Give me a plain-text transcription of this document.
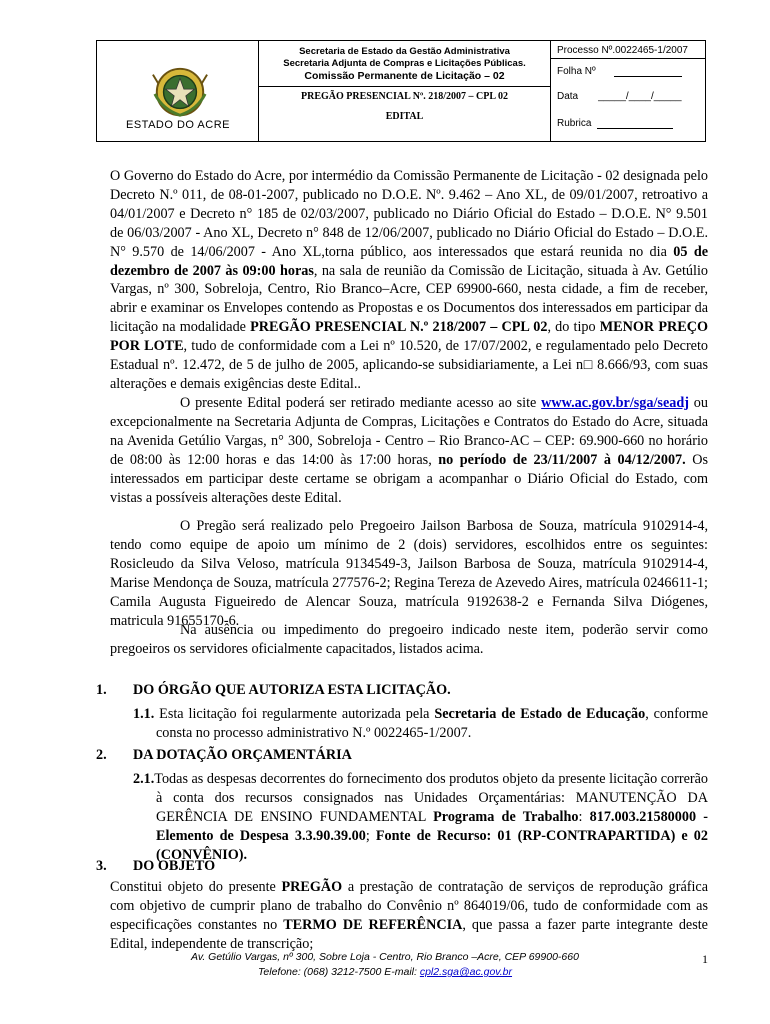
ESTADO DO ACRE
Secretaria de Estado da Gestão Administrativa
Secretaria Adjunta de Compras e Licitações Públicas.
Comissão Permanente de Licitação – 02
PREGÃO PRESENCIAL Nº. 218/2007 – CPL 02
EDITAL
Processo Nº.0022465-1/2007
Folha Nº
Data _____/____/_____
Rubrica

O Governo do Estado do Acre, por intermédio da Comissão Permanente de Licitação - 02 designada pelo Decreto N.º 011, de 08-01-2007, publicado no D.O.E. Nº. 9.462 – Ano XL, de 09/01/2007, retroativo a 04/01/2007 e Decreto n° 185 de 02/03/2007, publicado no Diário Oficial do Estado – D.O.E. N° 9.501 de 06/03/2007 - Ano XL, Decreto n° 848 de 12/06/2007, publicado no Diário Oficial do Estado – D.O.E. N° 9.570 de 14/06/2007 - Ano XL,torna público, aos interessados que estará reunida no dia 05 de dezembro de 2007 às 09:00 horas, na sala de reunião da Comissão de Licitação, situada à Av. Getúlio Vargas, nº 300, Sobreloja, Centro, Rio Branco–Acre, CEP 69900-660, nesta cidade, a fim de receber, abrir e examinar os Envelopes contendo as Propostas e os Documentos dos interessados em participar da licitação na modalidade PREGÃO PRESENCIAL N.º 218/2007 – CPL 02, do tipo MENOR PREÇO POR LOTE, tudo de conformidade com a Lei nº 10.520, de 17/07/2002, e regulamentado pelo Decreto Estadual nº. 12.472, de 5 de julho de 2005, aplicando-se subsidiariamente, a Lei n□ 8.666/93, com suas alterações e demais exigências deste Edital..

O presente Edital poderá ser retirado mediante acesso ao site www.ac.gov.br/sga/seadj ou excepcionalmente na Secretaria Adjunta de Compras, Licitações e Contratos do Estado do Acre, situada na Avenida Getúlio Vargas, n° 300, Sobreloja - Centro – Rio Branco-AC – CEP: 69.900-660 no horário de 08:00 às 12:00 horas e das 14:00 às 17:00 horas, no período de 23/11/2007 à 04/12/2007. Os interessados em participar deste certame se obrigam a acompanhar o Diário Oficial do Estado, com vistas a possíveis alterações deste Edital.

O Pregão será realizado pelo Pregoeiro Jailson Barbosa de Souza, matrícula 9102914-4, tendo como equipe de apoio um mínimo de 2 (dois) servidores, escolhidos entre os seguintes: Rosicleudo da Silva Veloso, matrícula 9134549-3, Jailson Barbosa de Souza, matrícula 9102914-4, Marise Mendonça de Souza, matrícula 277576-2; Regina Tereza de Azevedo Aires, matrícula 0246611-1; Camila Augusta Figueiredo de Alencar Souza, matrícula 9192638-2 e Fernanda Silva Diógenes, matricula 91655170-6.

Na ausência ou impedimento do pregoeiro indicado neste item, poderão servir como pregoeiros os servidores oficialmente capacitados, listados acima.

1. DO ÓRGÃO QUE AUTORIZA ESTA LICITAÇÃO.

1.1. Esta licitação foi regularmente autorizada pela Secretaria de Estado de Educação, conforme consta no processo administrativo N.º 0022465-1/2007.

2. DA DOTAÇÃO ORÇAMENTÁRIA

2.1.Todas as despesas decorrentes do fornecimento dos produtos objeto da presente licitação correrão à conta dos recursos consignados nas Unidades Orçamentárias: MANUTENÇÃO DA GERÊNCIA DE ENSINO FUNDAMENTAL Programa de Trabalho: 817.003.21580000 - Elemento de Despesa 3.3.90.39.00; Fonte de Recurso: 01 (RP-CONTRAPARTIDA) e 02 (CONVÊNIO).

3. DO OBJETO

Constitui objeto do presente PREGÃO a prestação de contratação de serviços de reprodução gráfica com objetivo de cumprir plano de trabalho do Convênio nº 864019/06, tudo de conformidade com as especificações constantes no TERMO DE REFERÊNCIA, que passa a fazer parte integrante deste Edital, independente de transcrição;

Av. Getúlio Vargas, nº 300, Sobre Loja - Centro, Rio Branco –Acre, CEP 69900-660
Telefone: (068) 3212-7500 E-mail: cpl2.sga@ac.gov.br
1
